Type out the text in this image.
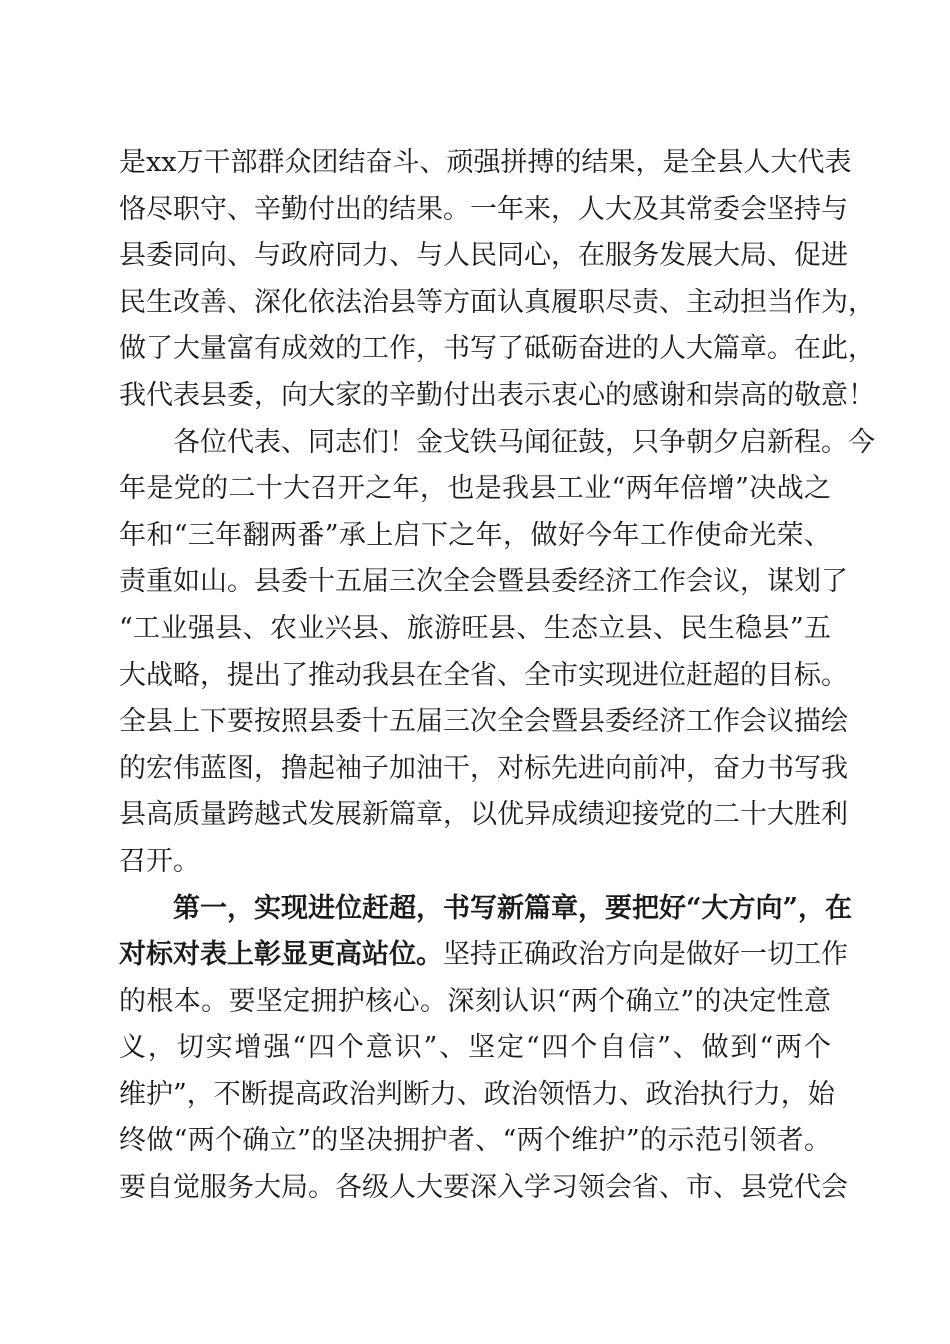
是xx万干部群众团结奋斗、顽强拼搏的结果，是全县人大代表
恪尽职守、辛勤付出的结果。一年来，人大及其常委会坚持与
县委同向、与政府同力、与人民同心，在服务发展大局、促进
民生改善、深化依法治县等方面认真履职尽责、主动担当作为，
做了大量富有成效的工作，书写了砥砺奋进的人大篇章。在此，
我代表县委，向大家的辛勤付出表示衷心的感谢和崇高的敬意！
　　各位代表、同志们！金戈铁马闻征鼓，只争朝夕启新程。今
年是党的二十大召开之年，也是我县工业“两年倍增”决战之
年和“三年翻两番”承上启下之年，做好今年工作使命光荣、
责重如山。县委十五届三次全会暨县委经济工作会议，谋划了
“工业强县、农业兴县、旅游旺县、生态立县、民生稳县”五
大战略，提出了推动我县在全省、全市实现进位赶超的目标。
全县上下要按照县委十五届三次全会暨县委经济工作会议描绘
的宏伟蓝图，撸起袖子加油干，对标先进向前冲，奋力书写我
县高质量跨越式发展新篇章，以优异成绩迎接党的二十大胜利
召开。
　　第一，实现进位赶超，书写新篇章，要把好“大方向”，在
对标对表上彰显更高站位。 坚持正确政治方向是做好一切工作
的根本。要坚定拥护核心。深刻认识“两个确立”的决定性意
义，切实增强“四个意识”、坚定“四个自信”、做到“两个
维护”，不断提高政治判断力、政治领悟力、政治执行力，始
终做“两个确立”的坚决拥护者、“两个维护”的示范引领者。
要自觉服务大局。各级人大要深入学习领会省、市、县党代会
